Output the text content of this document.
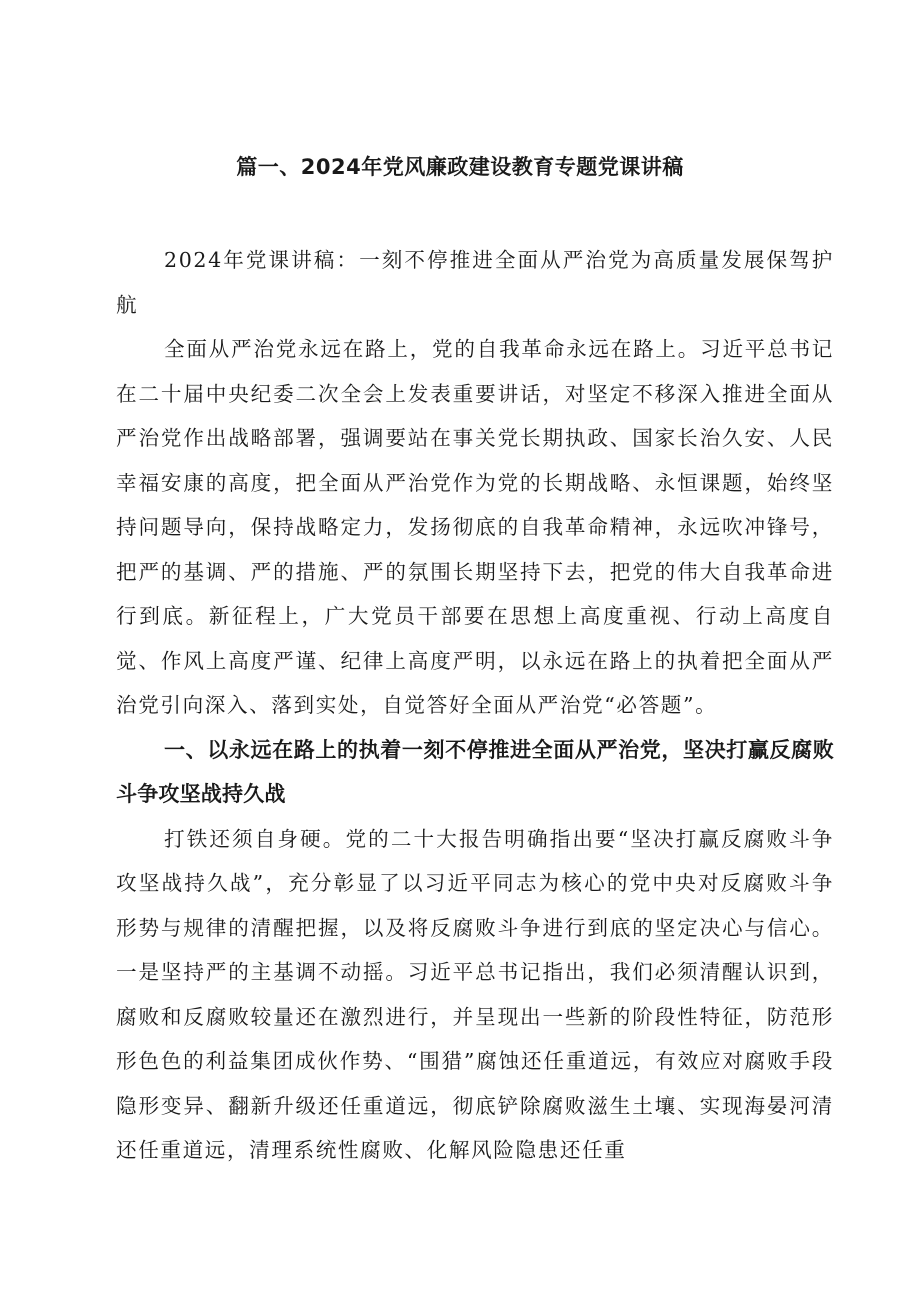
篇一、2024年党风廉政建设教育专题党课讲稿

2024年党课讲稿：一刻不停推进全面从严治党为高质量发展保驾护航

全面从严治党永远在路上，党的自我革命永远在路上。习近平总书记在二十届中央纪委二次全会上发表重要讲话，对坚定不移深入推进全面从严治党作出战略部署，强调要站在事关党长期执政、国家长治久安、人民幸福安康的高度，把全面从严治党作为党的长期战略、永恒课题，始终坚持问题导向，保持战略定力，发扬彻底的自我革命精神，永远吹冲锋号，把严的基调、严的措施、严的氛围长期坚持下去，把党的伟大自我革命进行到底。新征程上，广大党员干部要在思想上高度重视、行动上高度自觉、作风上高度严谨、纪律上高度严明，以永远在路上的执着把全面从严治党引向深入、落到实处，自觉答好全面从严治党“必答题”。

一、以永远在路上的执着一刻不停推进全面从严治党，坚决打赢反腐败斗争攻坚战持久战

打铁还须自身硬。党的二十大报告明确指出要“坚决打赢反腐败斗争攻坚战持久战”，充分彰显了以习近平同志为核心的党中央对反腐败斗争形势与规律的清醒把握，以及将反腐败斗争进行到底的坚定决心与信心。一是坚持严的主基调不动摇。习近平总书记指出，我们必须清醒认识到，腐败和反腐败较量还在激烈进行，并呈现出一些新的阶段性特征，防范形形色色的利益集团成伙作势、“围猎”腐蚀还任重道远，有效应对腐败手段隐形变异、翻新升级还任重道远，彻底铲除腐败滋生土壤、实现海晏河清还任重道远，清理系统性腐败、化解风险隐患还任重
